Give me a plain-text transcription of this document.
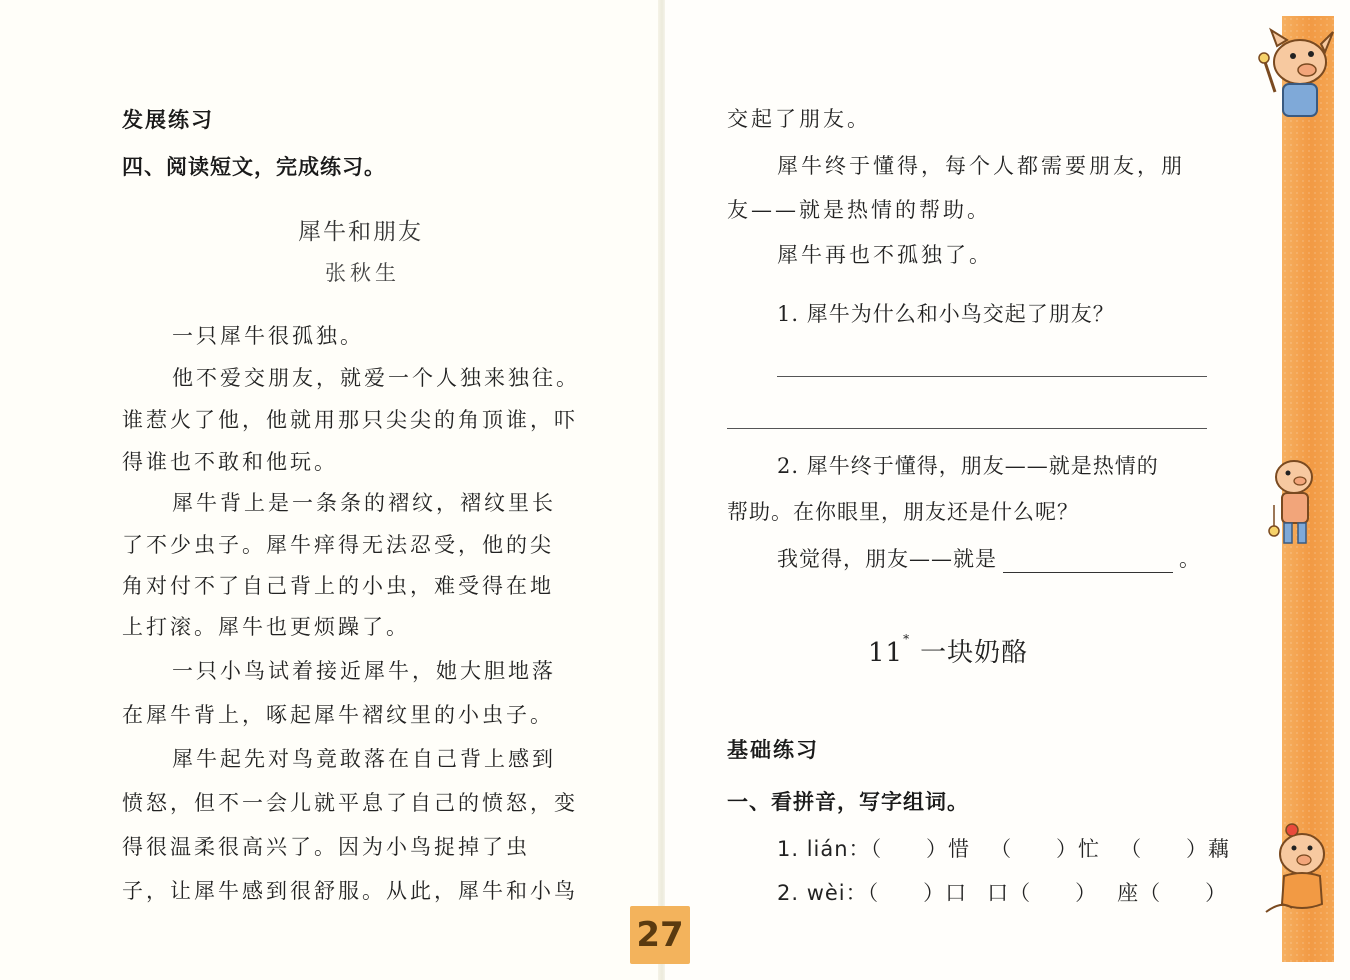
发展练习
四、阅读短文，完成练习。
犀牛和朋友
张秋生
一只犀牛很孤独。
他不爱交朋友，就爱一个人独来独往。
谁惹火了他，他就用那只尖尖的角顶谁，吓
得谁也不敢和他玩。
犀牛背上是一条条的褶纹，褶纹里长
了不少虫子。犀牛痒得无法忍受，他的尖
角对付不了自己背上的小虫，难受得在地
上打滚。犀牛也更烦躁了。
一只小鸟试着接近犀牛，她大胆地落
在犀牛背上，啄起犀牛褶纹里的小虫子。
犀牛起先对鸟竟敢落在自己背上感到
愤怒，但不一会儿就平息了自己的愤怒，变
得很温柔很高兴了。因为小鸟捉掉了虫
子，让犀牛感到很舒服。从此，犀牛和小鸟
交起了朋友。
犀牛终于懂得，每个人都需要朋友，朋
友——就是热情的帮助。
犀牛再也不孤独了。
1. 犀牛为什么和小鸟交起了朋友？
2. 犀牛终于懂得，朋友——就是热情的
帮助。在你眼里，朋友还是什么呢？
我觉得，朋友——就是	。
11* 一块奶酪
基础练习
一、看拼音，写字组词。
1. lián：（　　）惜 （　　）忙 （　　）藕
2. wèi：（　　）口 口（　　） 座（　　）
27
